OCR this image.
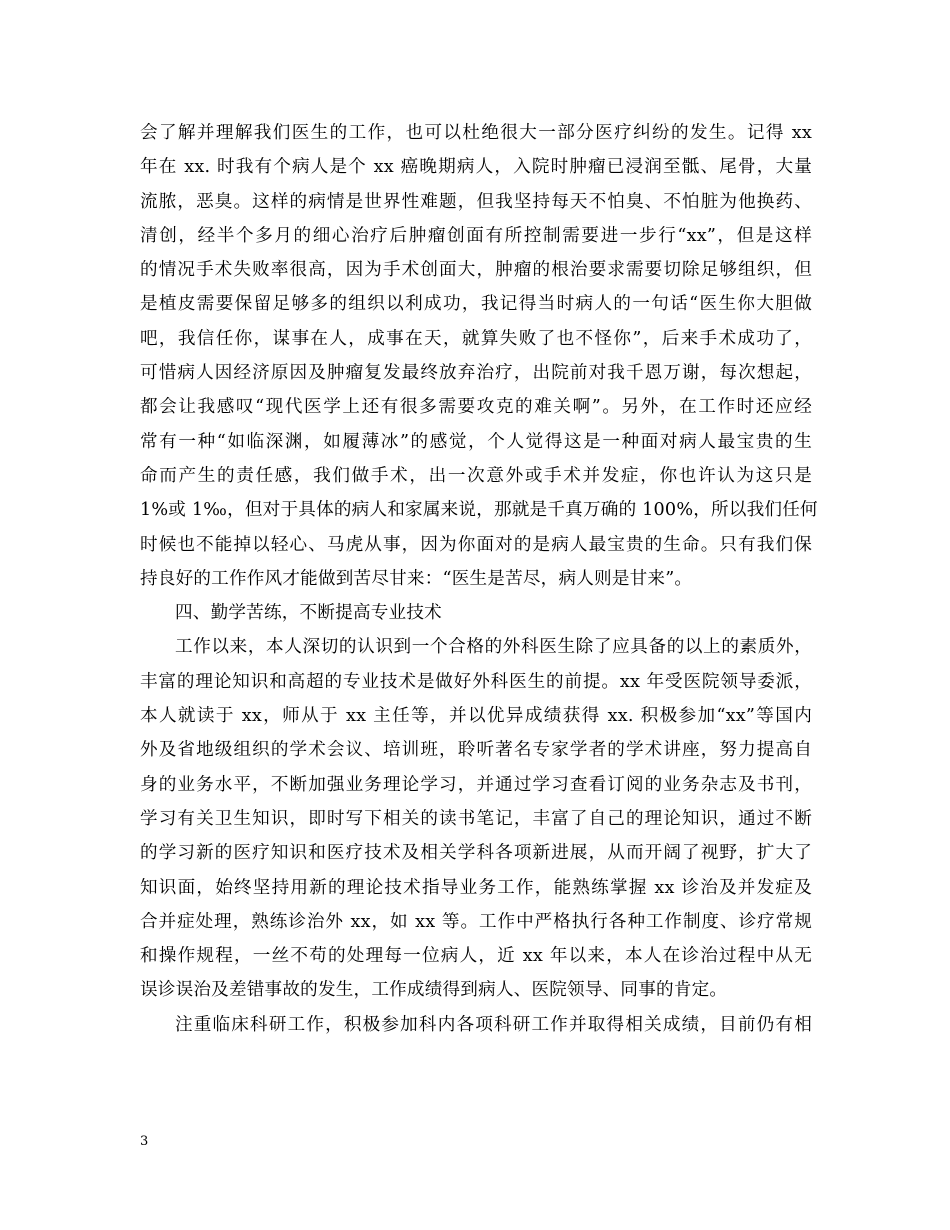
会了解并理解我们医生的工作，也可以杜绝很大一部分医疗纠纷的发生。记得 xx
年在 xx. 时我有个病人是个 xx 癌晚期病人，入院时肿瘤已浸润至骶、尾骨，大量
流脓，恶臭。这样的病情是世界性难题，但我坚持每天不怕臭、不怕脏为他换药、
清创，经半个多月的细心治疗后肿瘤创面有所控制需要进一步行“xx”，但是这样
的情况手术失败率很高，因为手术创面大，肿瘤的根治要求需要切除足够组织，但
是植皮需要保留足够多的组织以利成功，我记得当时病人的一句话“医生你大胆做
吧，我信任你，谋事在人，成事在天，就算失败了也不怪你”，后来手术成功了，
可惜病人因经济原因及肿瘤复发最终放弃治疗，出院前对我千恩万谢，每次想起，
都会让我感叹“现代医学上还有很多需要攻克的难关啊”。另外，在工作时还应经
常有一种“如临深渊，如履薄冰”的感觉，个人觉得这是一种面对病人最宝贵的生
命而产生的责任感，我们做手术，出一次意外或手术并发症，你也许认为这只是
1%或 1‰，但对于具体的病人和家属来说，那就是千真万确的 100%，所以我们任何
时候也不能掉以轻心、马虎从事，因为你面对的是病人最宝贵的生命。只有我们保
持良好的工作作风才能做到苦尽甘来：“医生是苦尽，病人则是甘来”。
四、勤学苦练，不断提高专业技术
工作以来，本人深切的认识到一个合格的外科医生除了应具备的以上的素质外，
丰富的理论知识和高超的专业技术是做好外科医生的前提。xx 年受医院领导委派，
本人就读于 xx，师从于 xx 主任等，并以优异成绩获得 xx. 积极参加“xx”等国内
外及省地级组织的学术会议、培训班，聆听著名专家学者的学术讲座，努力提高自
身的业务水平，不断加强业务理论学习，并通过学习查看订阅的业务杂志及书刊，
学习有关卫生知识，即时写下相关的读书笔记，丰富了自己的理论知识，通过不断
的学习新的医疗知识和医疗技术及相关学科各项新进展，从而开阔了视野，扩大了
知识面，始终坚持用新的理论技术指导业务工作，能熟练掌握 xx 诊治及并发症及
合并症处理，熟练诊治外 xx，如 xx 等。工作中严格执行各种工作制度、诊疗常规
和操作规程，一丝不苟的处理每一位病人，近 xx 年以来，本人在诊治过程中从无
误诊误治及差错事故的发生，工作成绩得到病人、医院领导、同事的肯定。
注重临床科研工作，积极参加科内各项科研工作并取得相关成绩，目前仍有相
3
